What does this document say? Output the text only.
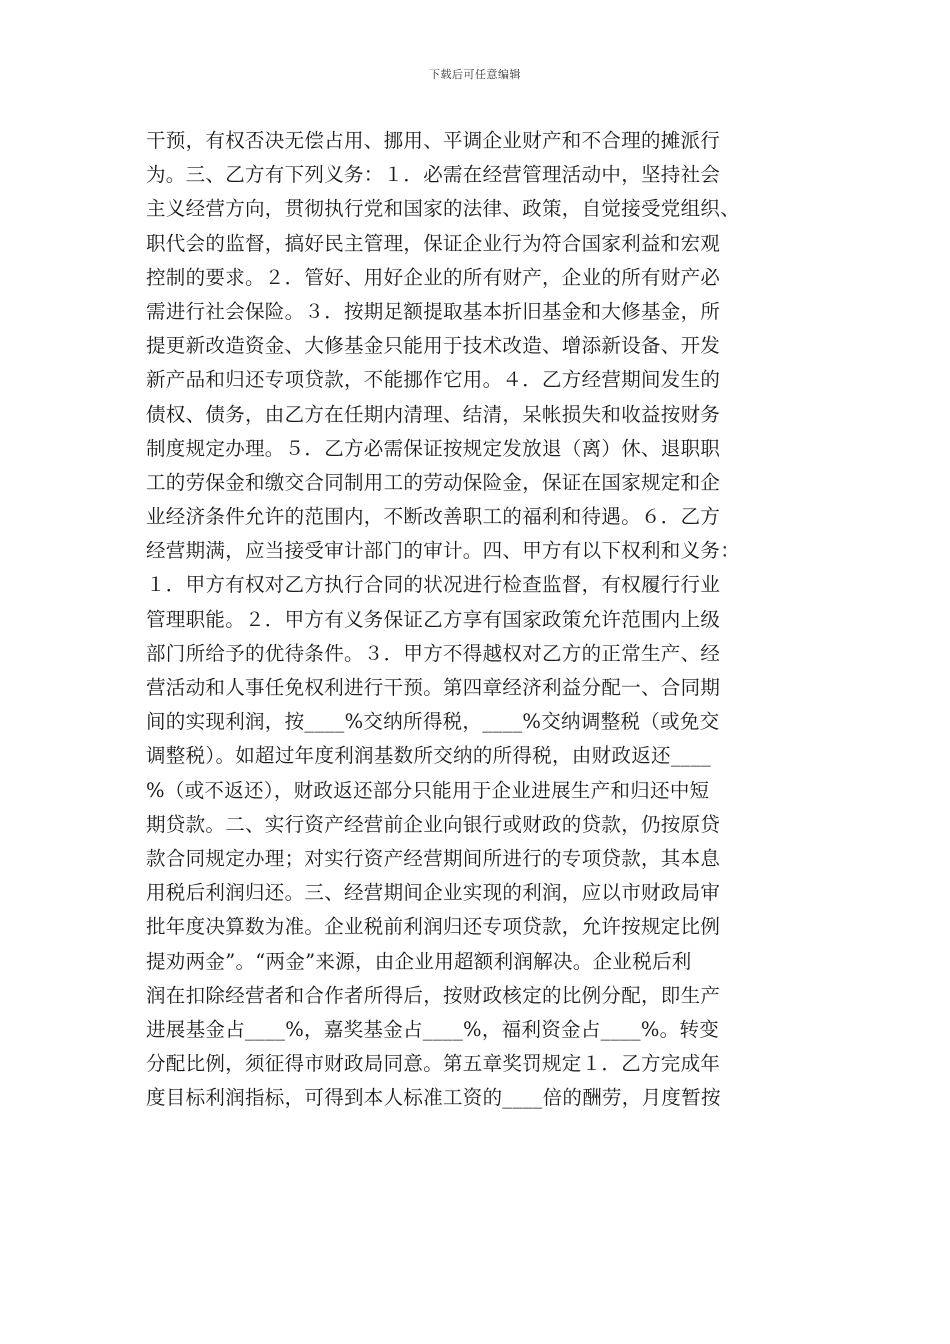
下载后可任意编辑
干预，有权否决无偿占用、挪用、平调企业财产和不合理的摊派行
为。三、乙方有下列义务：１．必需在经营管理活动中，坚持社会
主义经营方向，贯彻执行党和国家的法律、政策，自觉接受党组织、
职代会的监督，搞好民主管理，保证企业行为符合国家利益和宏观
控制的要求。２．管好、用好企业的所有财产，企业的所有财产必
需进行社会保险。３．按期足额提取基本折旧基金和大修基金，所
提更新改造资金、大修基金只能用于技术改造、增添新设备、开发
新产品和归还专项贷款，不能挪作它用。４．乙方经营期间发生的
债权、债务，由乙方在任期内清理、结清，呆帐损失和收益按财务
制度规定办理。５．乙方必需保证按规定发放退（离）休、退职职
工的劳保金和缴交合同制用工的劳动保险金，保证在国家规定和企
业经济条件允许的范围内，不断改善职工的福利和待遇。６．乙方
经营期满，应当接受审计部门的审计。四、甲方有以下权利和义务：
１．甲方有权对乙方执行合同的状况进行检查监督，有权履行行业
管理职能。２．甲方有义务保证乙方享有国家政策允许范围内上级
部门所给予的优待条件。３．甲方不得越权对乙方的正常生产、经
营活动和人事任免权利进行干预。第四章经济利益分配一、合同期
间的实现利润，按____%交纳所得税，____%交纳调整税（或免交
调整税）。如超过年度利润基数所交纳的所得税，由财政返还____
%（或不返还），财政返还部分只能用于企业进展生产和归还中短
期贷款。二、实行资产经营前企业向银行或财政的贷款，仍按原贷
款合同规定办理；对实行资产经营期间所进行的专项贷款，其本息
用税后利润归还。三、经营期间企业实现的利润，应以市财政局审
批年度决算数为准。企业税前利润归还专项贷款，允许按规定比例
提劝两金”。“两金”来源，由企业用超额利润解决。企业税后利
润在扣除经营者和合作者所得后，按财政核定的比例分配，即生产
进展基金占____%，嘉奖基金占____%，福利资金占____%。转变
分配比例，须征得市财政局同意。第五章奖罚规定１．乙方完成年
度目标利润指标，可得到本人标准工资的____倍的酬劳，月度暂按
